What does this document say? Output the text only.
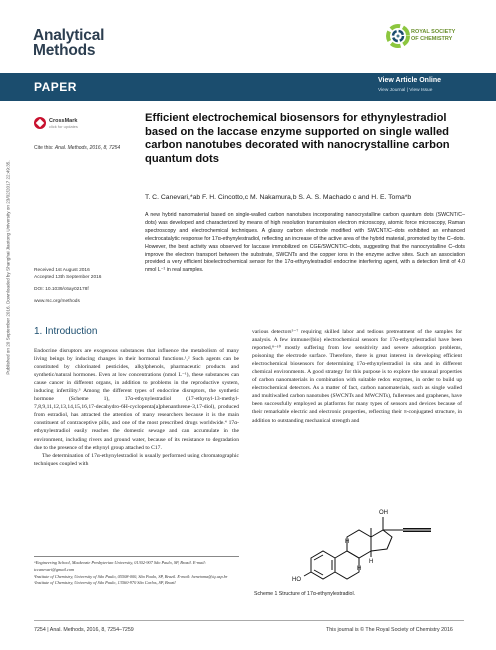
Published on 20 September 2016. Downloaded by Shanghai Jiaotong University on 23/02/2017 22:49:35.
Analytical
Methods
ROYAL SOCIETY
OF CHEMISTRY
PAPER	View Article Online
View Journal | View Issue
CrossMark
click for updates
Cite this: Anal. Methods, 2016, 8, 7254
Efficient electrochemical biosensors for ethynylestradiol based on the laccase enzyme supported on single walled carbon nanotubes decorated with nanocrystalline carbon quantum dots
T. C. Canevari,*ab F. H. Cincotto,c M. Nakamura,b S. A. S. Machado c and H. E. Toma*b
A new hybrid nanomaterial based on single-walled carbon nanotubes incorporating nanocrystalline carbon quantum dots (SWCNT/C–dots) was developed and characterized by means of high resolution transmission electron microscopy, atomic force microscopy, Raman spectroscopy and electrochemical techniques. A glassy carbon electrode modified with SWCNT/C–dots exhibited an enhanced electrocatalytic response for 17α-ethynylestradiol, reflecting an increase of the active area of the hybrid material, promoted by the C–dots. However, the best activity was observed for laccase immobilized on CGE/SWCNT/C–dots, suggesting that the nanocrystalline C–dots improve the electron transport between the substrate, SWCNTs and the copper ions in the enzyme active sites. Such an association provided a very efficient bioelectrochemical sensor for the 17α-ethynylestradiol endocrine interfering agent, with a detection limit of 4.0 nmol L⁻¹ in real samples.
Received 1st August 2016
Accepted 13th September 2016
DOI: 10.1039/c6ay02178f
www.rsc.org/methods
1. Introduction

Endocrine disruptors are exogenous substances that influence the metabolism of many living beings by inducing changes in their hormonal functions.¹,² Such agents can be constituted by chlorinated pesticides, alkylphenols, pharmaceutic products and synthetic/natural hormones. Even at low concentrations (nmol L⁻¹), these substances can cause cancer in different organs, in addition to problems in the reproductive system, inducing infertility.³ Among the different types of endocrine disruptors, the synthetic hormone (Scheme 1), 17α-ethynylestradiol (17-ethynyl-13-methyl-7,8,9,11,12,13,14,15,16,17-decahydro-6H-cyclopenta[a]phenanthrene-3,17-diol), produced from estradiol, has attracted the attention of many researchers because it is the main constituent of contraceptive pills, and one of the most prescribed drugs worldwide.⁴ 17α-ethynylestradiol easily reaches the domestic sewage and can accumulate in the environment, including rivers and ground water, because of its resistance to degradation due to the presence of the ethynyl group attached to C17.

The determination of 17α-ethynylestradiol is usually performed using chromatographic techniques coupled with

various detectors⁵⁻⁷ requiring skilled labor and tedious pretreatment of the samples for analysis. A few immune/(bio) electrochemical sensors for 17α-ethynylestradiol have been reported,⁸⁻¹⁰ mostly suffering from low sensitivity and severe adsorption problems, poisoning the electrode surface. Therefore, there is great interest in developing efficient electrochemical biosensors for determining 17α-ethynylestradiol in situ and in different chemical environments. A good strategy for this purpose is to explore the unusual properties of carbon nanomaterials in combination with suitable redox enzymes, in order to build up electrochemical detectors. As a matter of fact, carbon nanomaterials, such as single walled and multiwalled carbon nanotubes (SWCNTs and MWCNTs), fullerenes and graphenes, have been successfully employed as platforms for many types of sensors and devices because of their remarkable electric and electronic properties, reflecting their π-conjugated structure, in addition to outstanding mechanical strength and

ᵃEngineering School, Mackenzie Presbyterian University, 01302-907 São Paulo, SP, Brazil. E-mail: tccanevari@gmail.com
ᵇInstitute of Chemistry, University of São Paulo, 05508-000, São Paulo, SP, Brazil. E-mail: henetoma@iq.usp.br
ᶜInstitute of Chemistry, University of São Paulo, 13560-970 São Carlos, SP, Brazil
OH
HO
H
H
H
Scheme 1 Structure of 17α-ethynylestradiol.
7254 | Anal. Methods, 2016, 8, 7254–7259	This journal is © The Royal Society of Chemistry 2016
